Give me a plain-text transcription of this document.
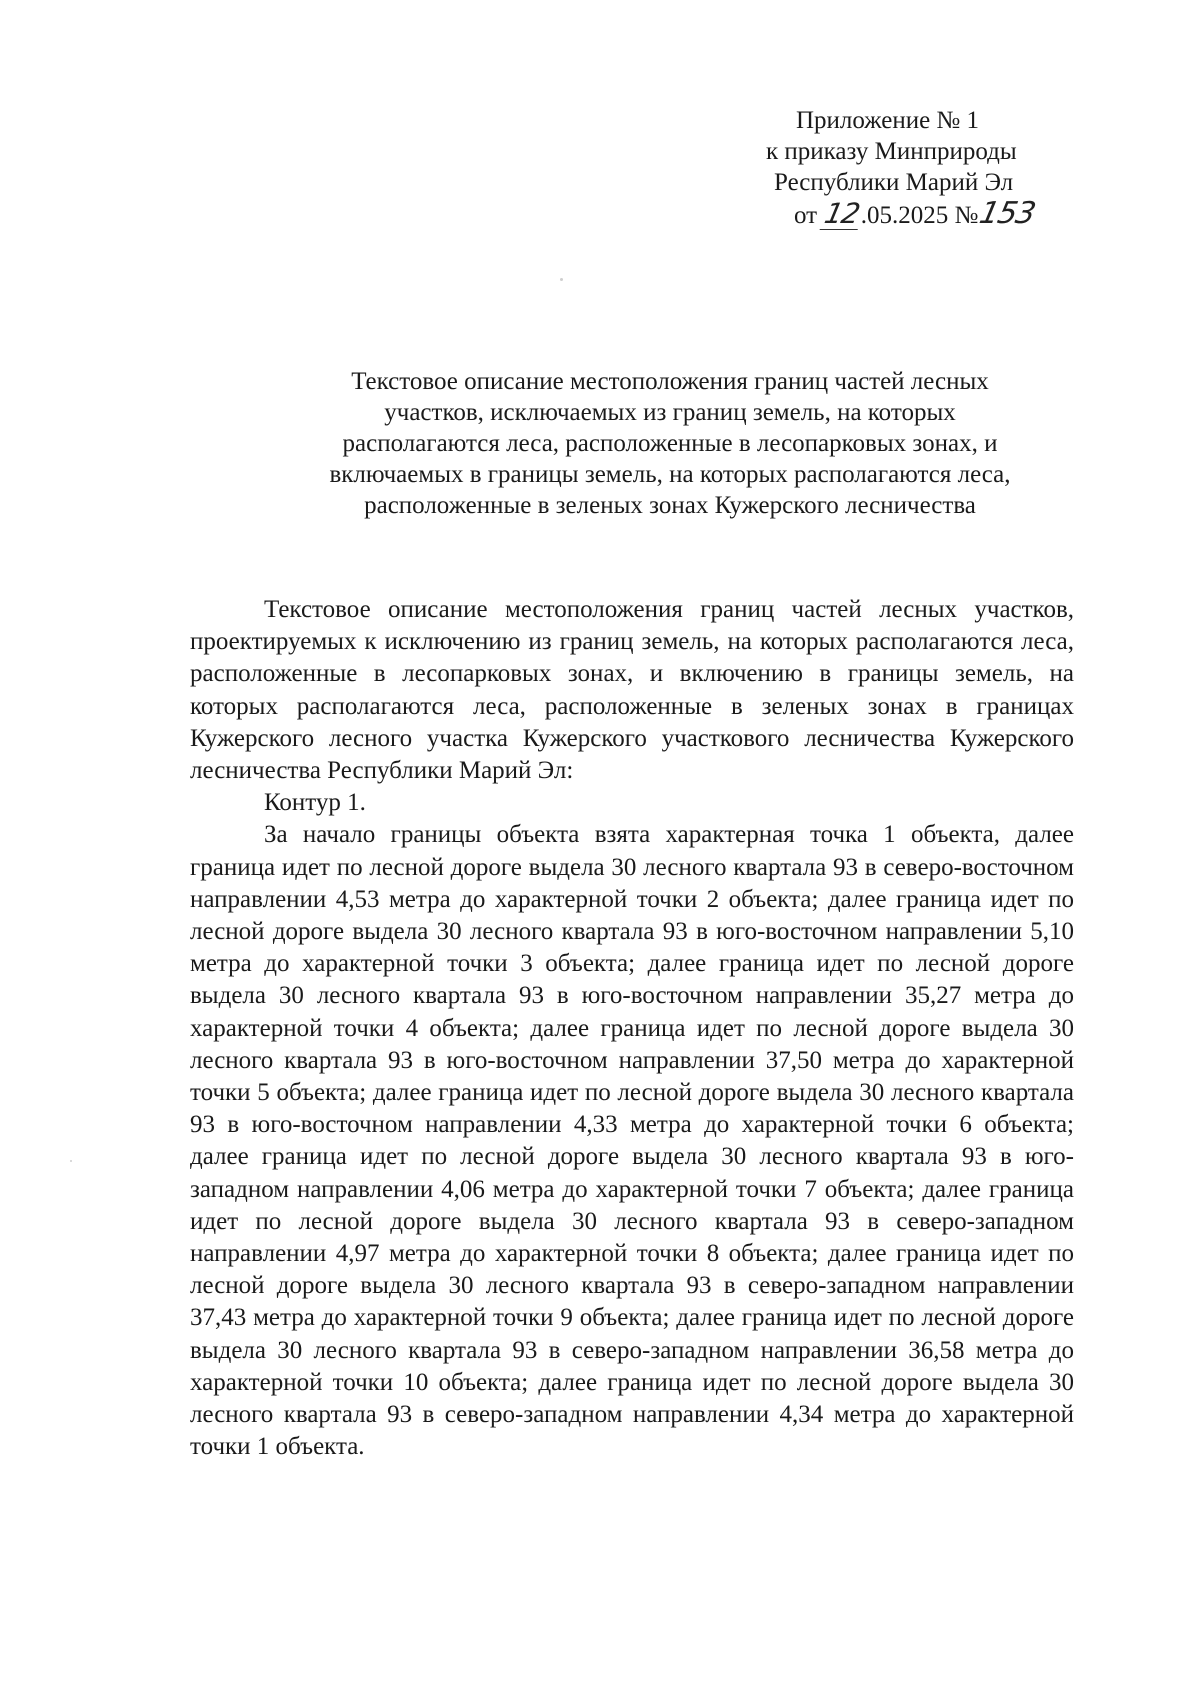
Приложение № 1
к приказу Минприроды
Республики Марий Эл
от 12.05.2025 №153
Текстовое описание местоположения границ частей лесных
участков, исключаемых из границ земель, на которых
располагаются леса, расположенные в лесопарковых зонах, и
включаемых в границы земель, на которых располагаются леса,
расположенные в зеленых зонах Кужерского лесничества

Текстовое описание местоположения границ частей лесных участков, проектируемых к исключению из границ земель, на которых располагаются леса, расположенные в лесопарковых зонах, и включению в границы земель, на которых располагаются леса, расположенные в зеленых зонах в границах Кужерского лесного участка Кужерского участкового лесничества Кужерского лесничества Республики Марий Эл:

Контур 1.

За начало границы объекта взята характерная точка 1 объекта, далее граница идет по лесной дороге выдела 30 лесного квартала 93 в северо-восточном направлении 4,53 метра до характерной точки 2 объекта; далее граница идет по лесной дороге выдела 30 лесного квартала 93 в юго-восточном направлении 5,10 метра до характерной точки 3 объекта; далее граница идет по лесной дороге выдела 30 лесного квартала 93 в юго-восточном направлении 35,27 метра до характерной точки 4 объекта; далее граница идет по лесной дороге выдела 30 лесного квартала 93 в юго-восточном направлении 37,50 метра до характерной точки 5 объекта; далее граница идет по лесной дороге выдела 30 лесного квартала 93 в юго-восточном направлении 4,33 метра до характерной точки 6 объекта; далее граница идет по лесной дороге выдела 30 лесного квартала 93 в юго-западном направлении 4,06 метра до характерной точки 7 объекта; далее граница идет по лесной дороге выдела 30 лесного квартала 93 в северо-западном направлении 4,97 метра до характерной точки 8 объекта; далее граница идет по лесной дороге выдела 30 лесного квартала 93 в северо-западном направлении 37,43 метра до характерной точки 9 объекта; далее граница идет по лесной дороге выдела 30 лесного квартала 93 в северо-западном направлении 36,58 метра до характерной точки 10 объекта; далее граница идет по лесной дороге выдела 30 лесного квартала 93 в северо-западном направлении 4,34 метра до характерной точки 1 объекта.
